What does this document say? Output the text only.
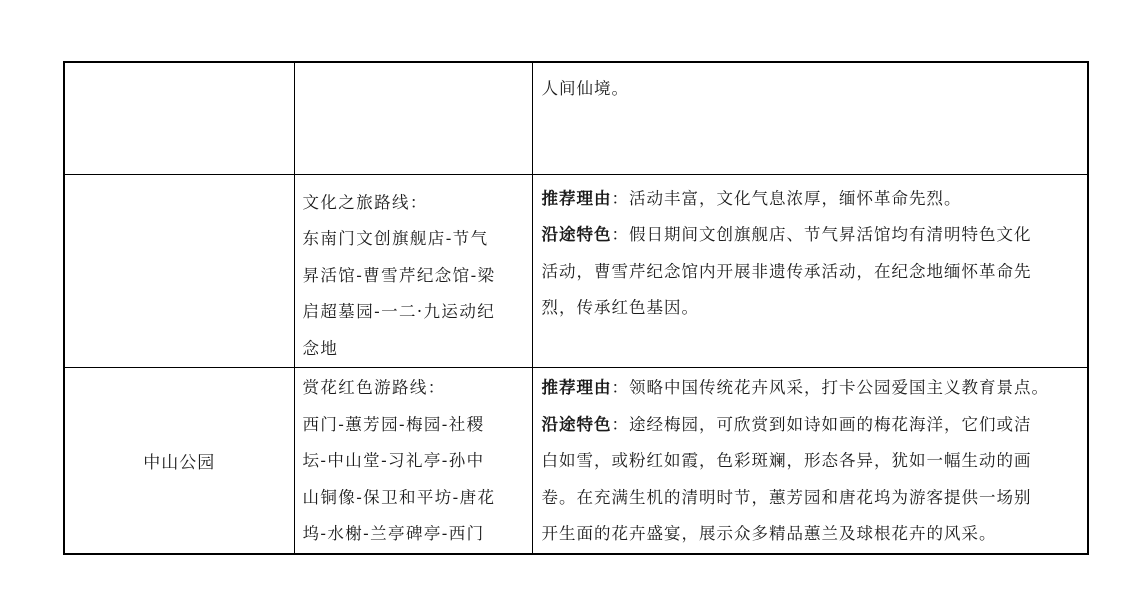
		人间仙境。

	文化之旅路线：
东南门文创旗舰店-节气
昇活馆-曹雪芹纪念馆-梁
启超墓园-一二·九运动纪
念地	推荐理由：活动丰富，文化气息浓厚，缅怀革命先烈。
沿途特色：假日期间文创旗舰店、节气昇活馆均有清明特色文化
活动，曹雪芹纪念馆内开展非遗传承活动，在纪念地缅怀革命先
烈，传承红色基因。

中山公园	赏花红色游路线：
西门-蕙芳园-梅园-社稷
坛-中山堂-习礼亭-孙中
山铜像-保卫和平坊-唐花
坞-水榭-兰亭碑亭-西门	推荐理由：领略中国传统花卉风采，打卡公园爱国主义教育景点。
沿途特色：途经梅园，可欣赏到如诗如画的梅花海洋，它们或洁
白如雪，或粉红如霞，色彩斑斓，形态各异，犹如一幅生动的画
卷。在充满生机的清明时节，蕙芳园和唐花坞为游客提供一场别
开生面的花卉盛宴，展示众多精品蕙兰及球根花卉的风采。
